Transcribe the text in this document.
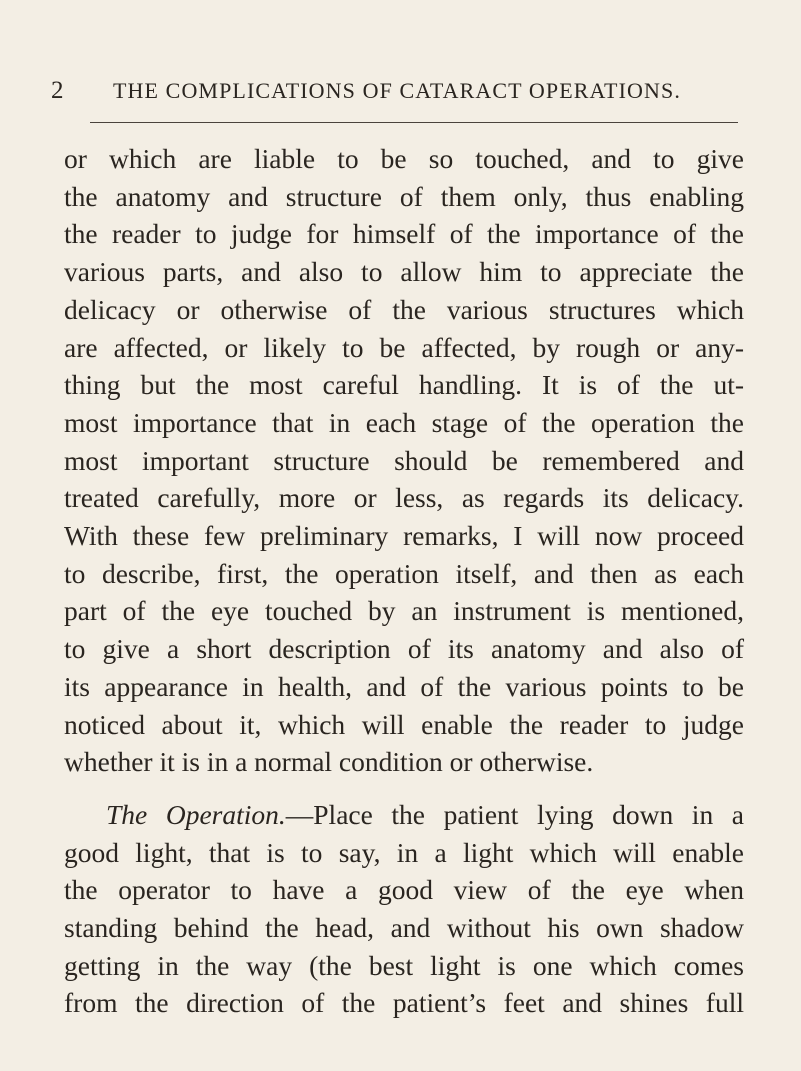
2 THE COMPLICATIONS OF CATARACT OPERATIONS.
or which are liable to be so touched, and to give
the anatomy and structure of them only, thus enabling
the reader to judge for himself of the importance of the
various parts, and also to allow him to appreciate the
delicacy or otherwise of the various structures which
are affected, or likely to be affected, by rough or any-
thing but the most careful handling. It is of the ut-
most importance that in each stage of the operation the
most important structure should be remembered and
treated carefully, more or less, as regards its delicacy.
With these few preliminary remarks, I will now proceed
to describe, first, the operation itself, and then as each
part of the eye touched by an instrument is mentioned,
to give a short description of its anatomy and also of
its appearance in health, and of the various points to be
noticed about it, which will enable the reader to judge
whether it is in a normal condition or otherwise.
The Operation.—Place the patient lying down in a
good light, that is to say, in a light which will enable
the operator to have a good view of the eye when
standing behind the head, and without his own shadow
getting in the way (the best light is one which comes
from the direction of the patient’s feet and shines full
